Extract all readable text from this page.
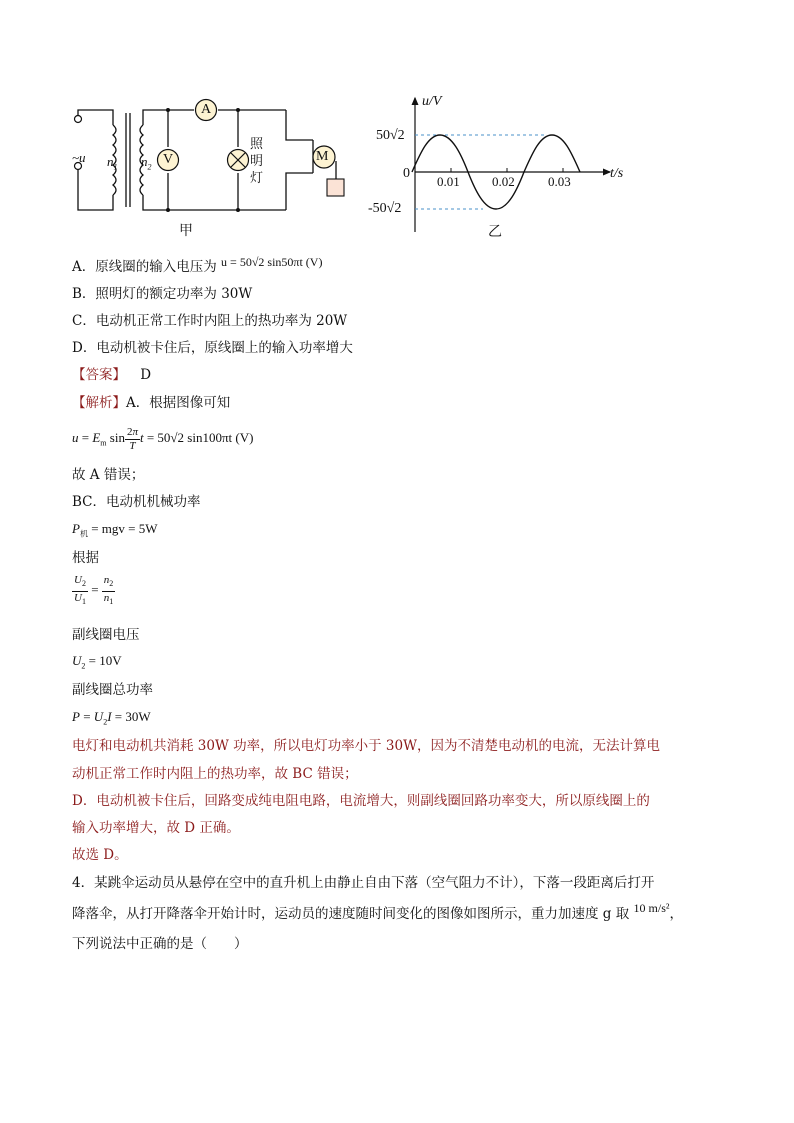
A
V	M
~u $n_1$ $n_2$
照
明
灯
甲
u/V
t/s
50√2
-50√2
0
0.01 0.02	0.03
乙
A．原线圈的输入电压为 u = 50√2 sin50πt (V)
B．照明灯的额定功率为 30W
C．电动机正常工作时内阻上的热功率为 20W
D．电动机被卡住后，原线圈上的输入功率增大
【答案】 D
【解析】A．根据图像可知
$u = E_m$ $\sin \frac{2\pi}{T}$ t = 50√2 sin100πt (V)
故 A 错误；
BC．电动机机械功率
$P_机$ = mgv = 5W
根据
$\frac{U_2}{U_1} = \frac{n_2}{n_1}$
副线圈电压
$U_2 = 10V$
副线圈总功率
$P = U_2I = 30W$
电灯和电动机共消耗 30W 功率，所以电灯功率小于 30W，因为不清楚电动机的电流，无法计算电
动机正常工作时内阻上的热功率，故 BC 错误；
D．电动机被卡住后，回路变成纯电阻电路，电流增大，则副线圈回路功率变大，所以原线圈上的
输入功率增大，故 D 正确。
故选 D。
4．某跳伞运动员从悬停在空中的直升机上由静止自由下落（空气阻力不计），下落一段距离后打开
降落伞，从打开降落伞开始计时，运动员的速度随时间变化的图像如图所示，重力加速度 g 取 10 m/s²，
下列说法中正确的是（　　）
